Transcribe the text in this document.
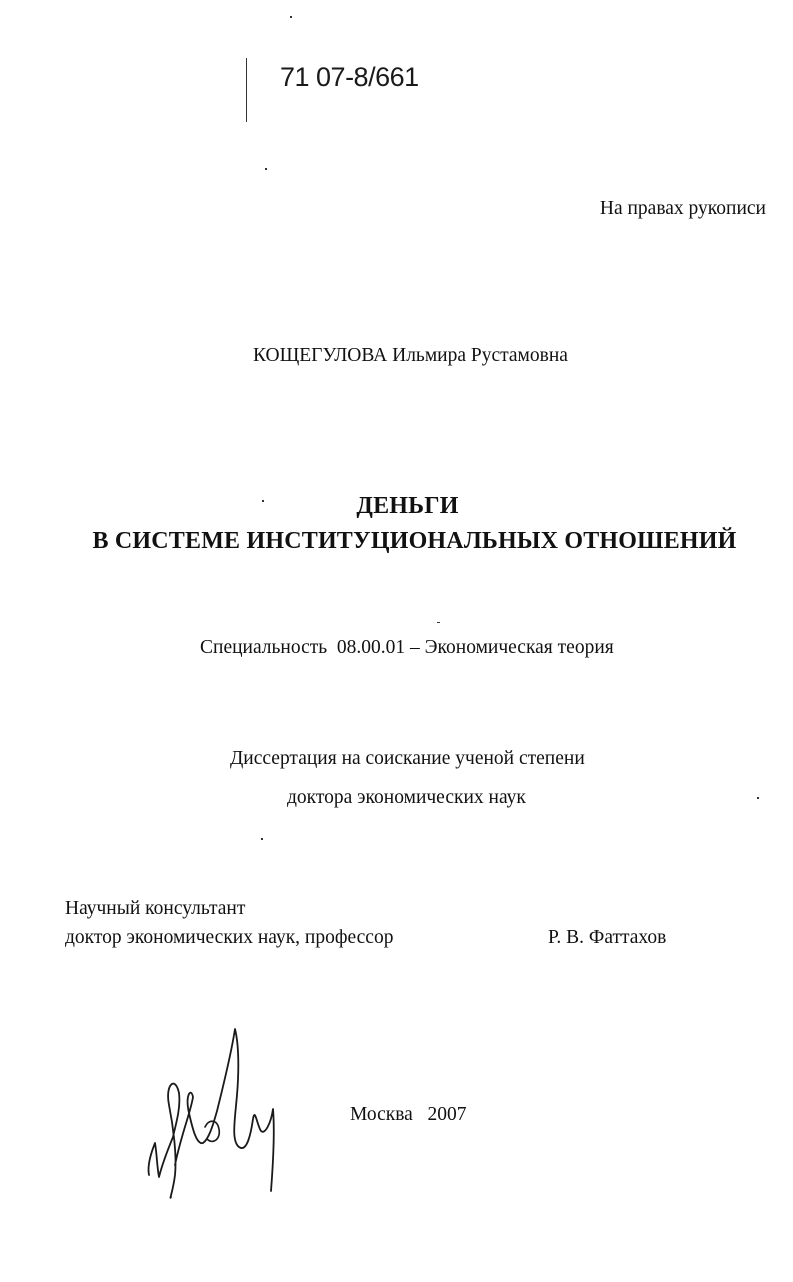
71 07-8/661
На правах рукописи
КОЩЕГУЛОВА Ильмира Рустамовна
ДЕНЬГИ
В СИСТЕМЕ ИНСТИТУЦИОНАЛЬНЫХ ОТНОШЕНИЙ
Специальность  08.00.01 – Экономическая теория
Диссертация на соискание ученой степени
доктора экономических наук
Научный консультант
доктор экономических наук, профессор	Р. В. Фаттахов
Москва   2007
